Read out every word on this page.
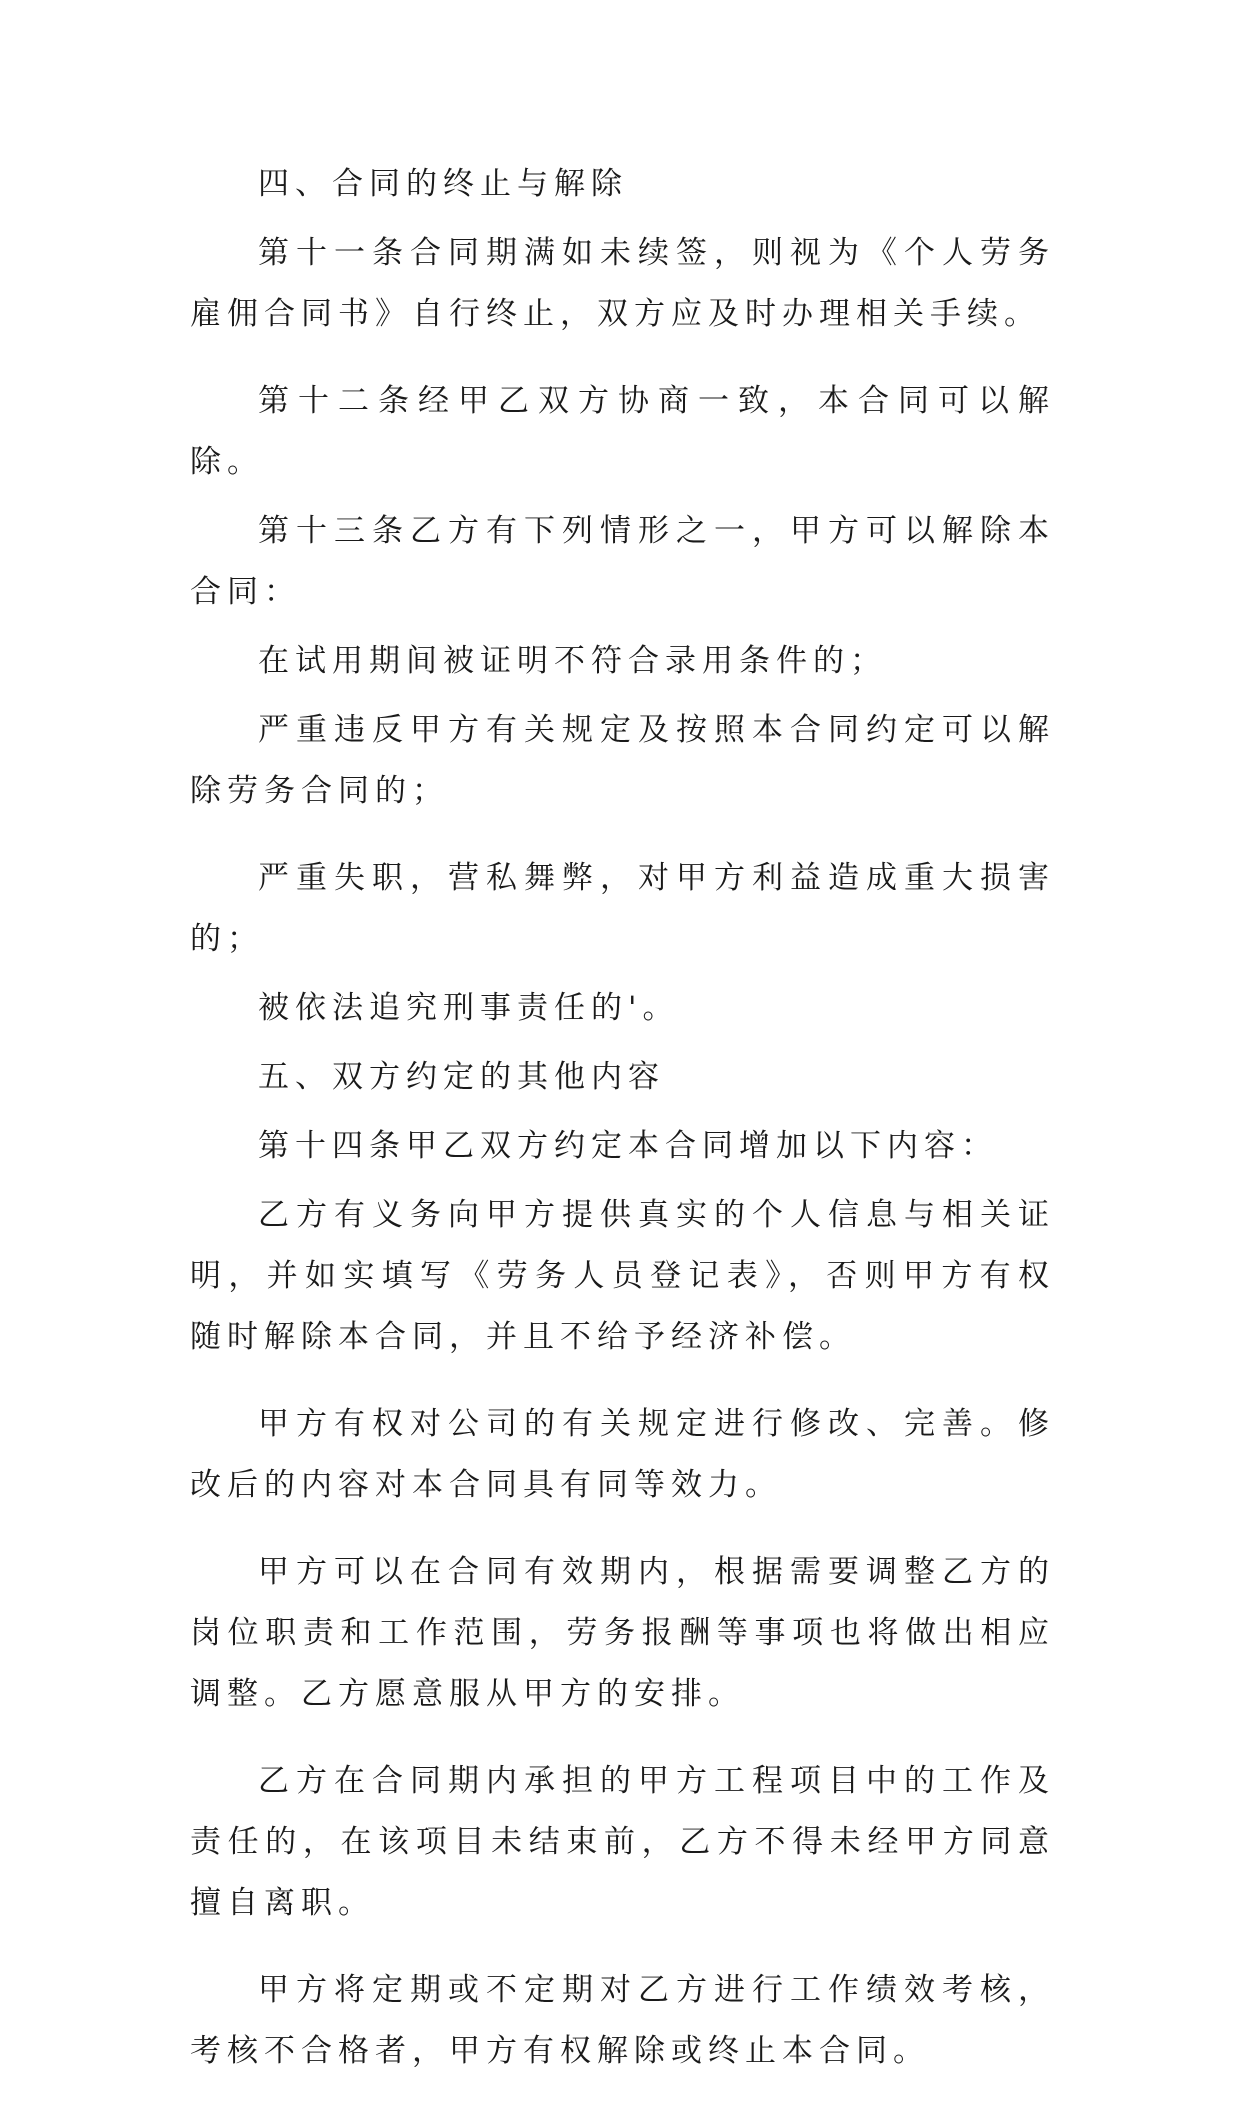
四、合同的终止与解除

第十一条合同期满如未续签，则视为《个人劳务雇佣合同书》自行终止，双方应及时办理相关手续。

第十二条经甲乙双方协商一致，本合同可以解除。

第十三条乙方有下列情形之一，甲方可以解除本合同：

在试用期间被证明不符合录用条件的；

严重违反甲方有关规定及按照本合同约定可以解除劳务合同的；

严重失职，营私舞弊，对甲方利益造成重大损害的；

被依法追究刑事责任的'。

五、双方约定的其他内容

第十四条甲乙双方约定本合同增加以下内容：

乙方有义务向甲方提供真实的个人信息与相关证明，并如实填写《劳务人员登记表》，否则甲方有权随时解除本合同，并且不给予经济补偿。

甲方有权对公司的有关规定进行修改、完善。修改后的内容对本合同具有同等效力。

甲方可以在合同有效期内，根据需要调整乙方的岗位职责和工作范围，劳务报酬等事项也将做出相应调整。乙方愿意服从甲方的安排。

乙方在合同期内承担的甲方工程项目中的工作及责任的，在该项目未结束前，乙方不得未经甲方同意擅自离职。

甲方将定期或不定期对乙方进行工作绩效考核，考核不合格者，甲方有权解除或终止本合同。
